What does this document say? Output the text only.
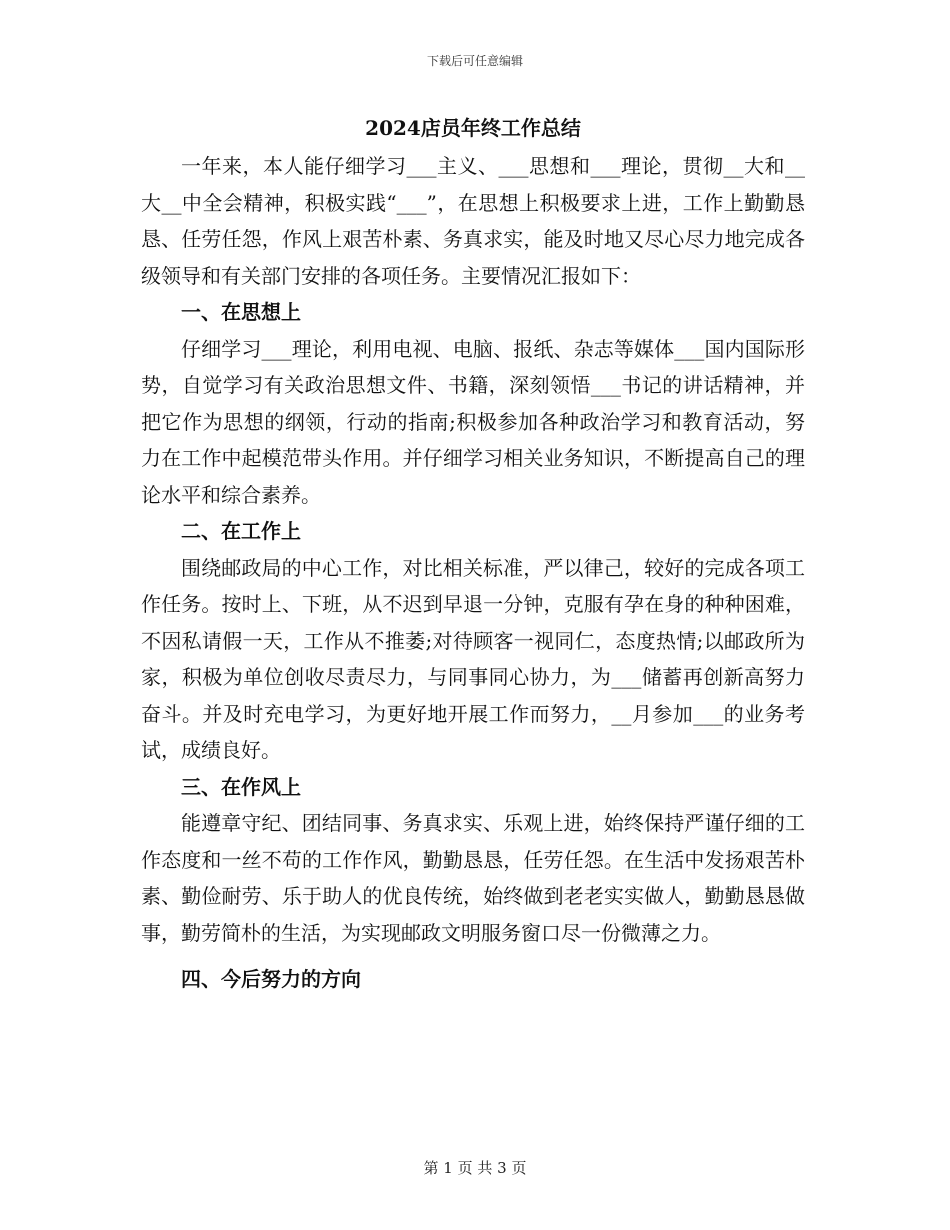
下载后可任意编辑
2024店员年终工作总结

一年来，本人能仔细学习___主义、___思想和___理论，贯彻__大和__大__中全会精神，积极实践“___”，在思想上积极要求上进，工作上勤勤恳恳、任劳任怨，作风上艰苦朴素、务真求实，能及时地又尽心尽力地完成各级领导和有关部门安排的各项任务。主要情况汇报如下：

一、在思想上

仔细学习___理论，利用电视、电脑、报纸、杂志等媒体___国内国际形势，自觉学习有关政治思想文件、书籍，深刻领悟___书记的讲话精神，并把它作为思想的纲领，行动的指南;积极参加各种政治学习和教育活动，努力在工作中起模范带头作用。并仔细学习相关业务知识，不断提高自己的理论水平和综合素养。

二、在工作上

围绕邮政局的中心工作，对比相关标准，严以律己，较好的完成各项工作任务。按时上、下班，从不迟到早退一分钟，克服有孕在身的种种困难，不因私请假一天，工作从不推萎;对待顾客一视同仁，态度热情;以邮政所为家，积极为单位创收尽责尽力，与同事同心协力，为___储蓄再创新高努力奋斗。并及时充电学习，为更好地开展工作而努力，__月参加___的业务考试，成绩良好。

三、在作风上

能遵章守纪、团结同事、务真求实、乐观上进，始终保持严谨仔细的工作态度和一丝不苟的工作作风，勤勤恳恳，任劳任怨。在生活中发扬艰苦朴素、勤俭耐劳、乐于助人的优良传统，始终做到老老实实做人，勤勤恳恳做事，勤劳简朴的生活，为实现邮政文明服务窗口尽一份微薄之力。

四、今后努力的方向
第 1 页 共 3 页
